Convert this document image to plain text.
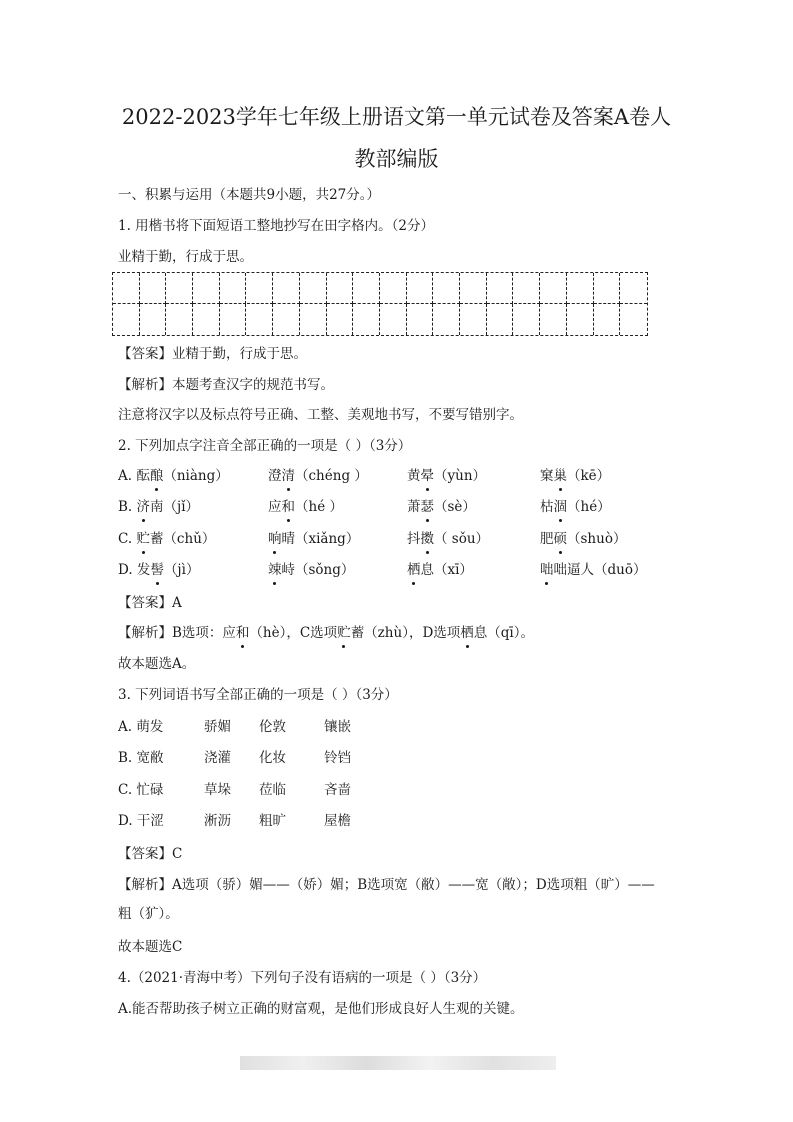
2022-2023学年七年级上册语文第一单元试卷及答案A卷人
教部编版
一、积累与运用（本题共9小题，共27分。）
1. 用楷书将下面短语工整地抄写在田字格内。（2分）
业精于勤，行成于思。
【答案】业精于勤，行成于思。
【解析】本题考查汉字的规范书写。
注意将汉字以及标点符号正确、工整、美观地书写，不要写错别字。
2. 下列加点字注音全部正确的一项是（ ）（3分）
A. 酝酿（niàng）	澄清（chéng ）	黄晕（yùn）	窠巢（kē）
B. 济南（jǐ）	应和（hé ）	萧瑟（sè）	枯涸（hé）
C. 贮蓄（chǔ）	响晴（xiǎng）	抖擞（ sǒu）	肥硕（shuò）
D. 发髻（jì）	竦峙（sǒng）	栖息（xī）	咄咄逼人（duō）
【答案】A
【解析】B选项：应和（hè），C选项贮蓄（zhù），D选项栖息（qī）。
故本题选A。
3. 下列词语书写全部正确的一项是（ ）（3分）
A. 萌发	骄媚 伦敦	镶嵌
B. 宽敝	浇灌 化妆	铃铛
C. 忙碌	草垛 莅临	吝啬
D. 干涩	淅沥 粗旷	屋檐
【答案】C
【解析】A选项（骄）媚——（娇）媚；B选项宽（敝）——宽（敞）；D选项粗（旷）——
粗（犷）。
故本题选C
4.（2021·青海中考）下列句子没有语病的一项是（ ）（3分）
A.能否帮助孩子树立正确的财富观，是他们形成良好人生观的关键。
